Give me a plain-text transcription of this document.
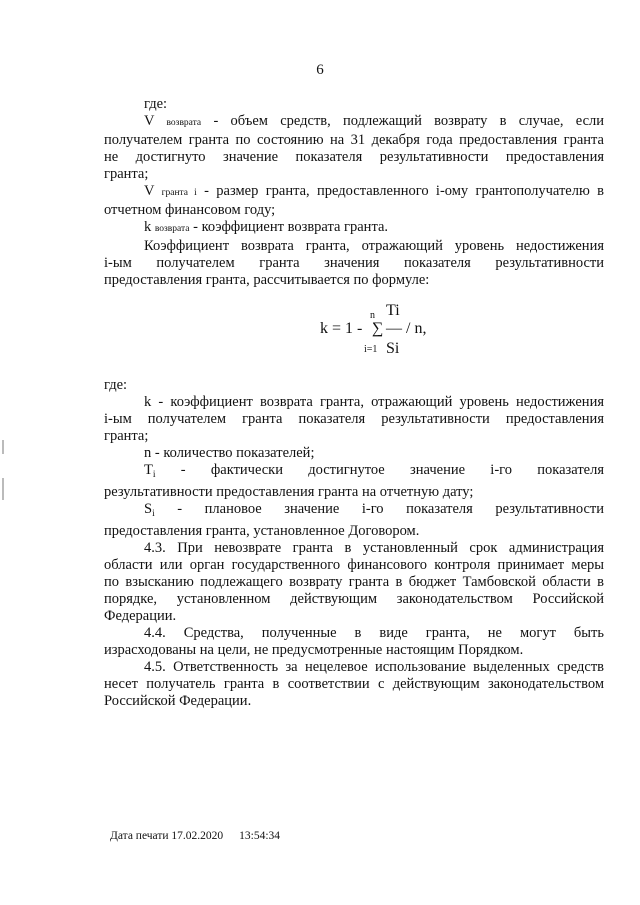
6
где:
V возврата - объем средств, подлежащий возврату в случае, если
получателем гранта по состоянию на 31 декабря года предоставления гранта
не достигнуто значение показателя результативности предоставления
гранта;
V гранта i - размер гранта, предоставленного i-ому грантополучателю в
отчетном финансовом году;
k возврата - коэффициент возврата гранта.
Коэффициент возврата гранта, отражающий уровень недостижения
i-ым получателем гранта значения показателя результативности
предоставления гранта, рассчитывается по формуле:
n Ti
k = 1 - ∑ — / n,
i=1 Si
где:
k - коэффициент возврата гранта, отражающий уровень недостижения
i-ым получателем гранта показателя результативности предоставления
гранта;
n - количество показателей;
$T_i$ - фактически достигнутое значение i-го показателя
результативности предоставления гранта на отчетную дату;
$S_i$ - плановое значение i-го показателя результативности
предоставления гранта, установленное Договором.
4.3. При невозврате гранта в установленный срок администрация
области или орган государственного финансового контроля принимает меры
по взысканию подлежащего возврату гранта в бюджет Тамбовской области в
порядке, установленном действующим законодательством Российской
Федерации.
4.4. Средства, полученные в виде гранта, не могут быть
израсходованы на цели, не предусмотренные настоящим Порядком.
4.5. Ответственность за нецелевое использование выделенных средств
несет получатель гранта в соответствии с действующим законодательством
Российской Федерации.
Дата печати 17.02.2020 13:54:34
